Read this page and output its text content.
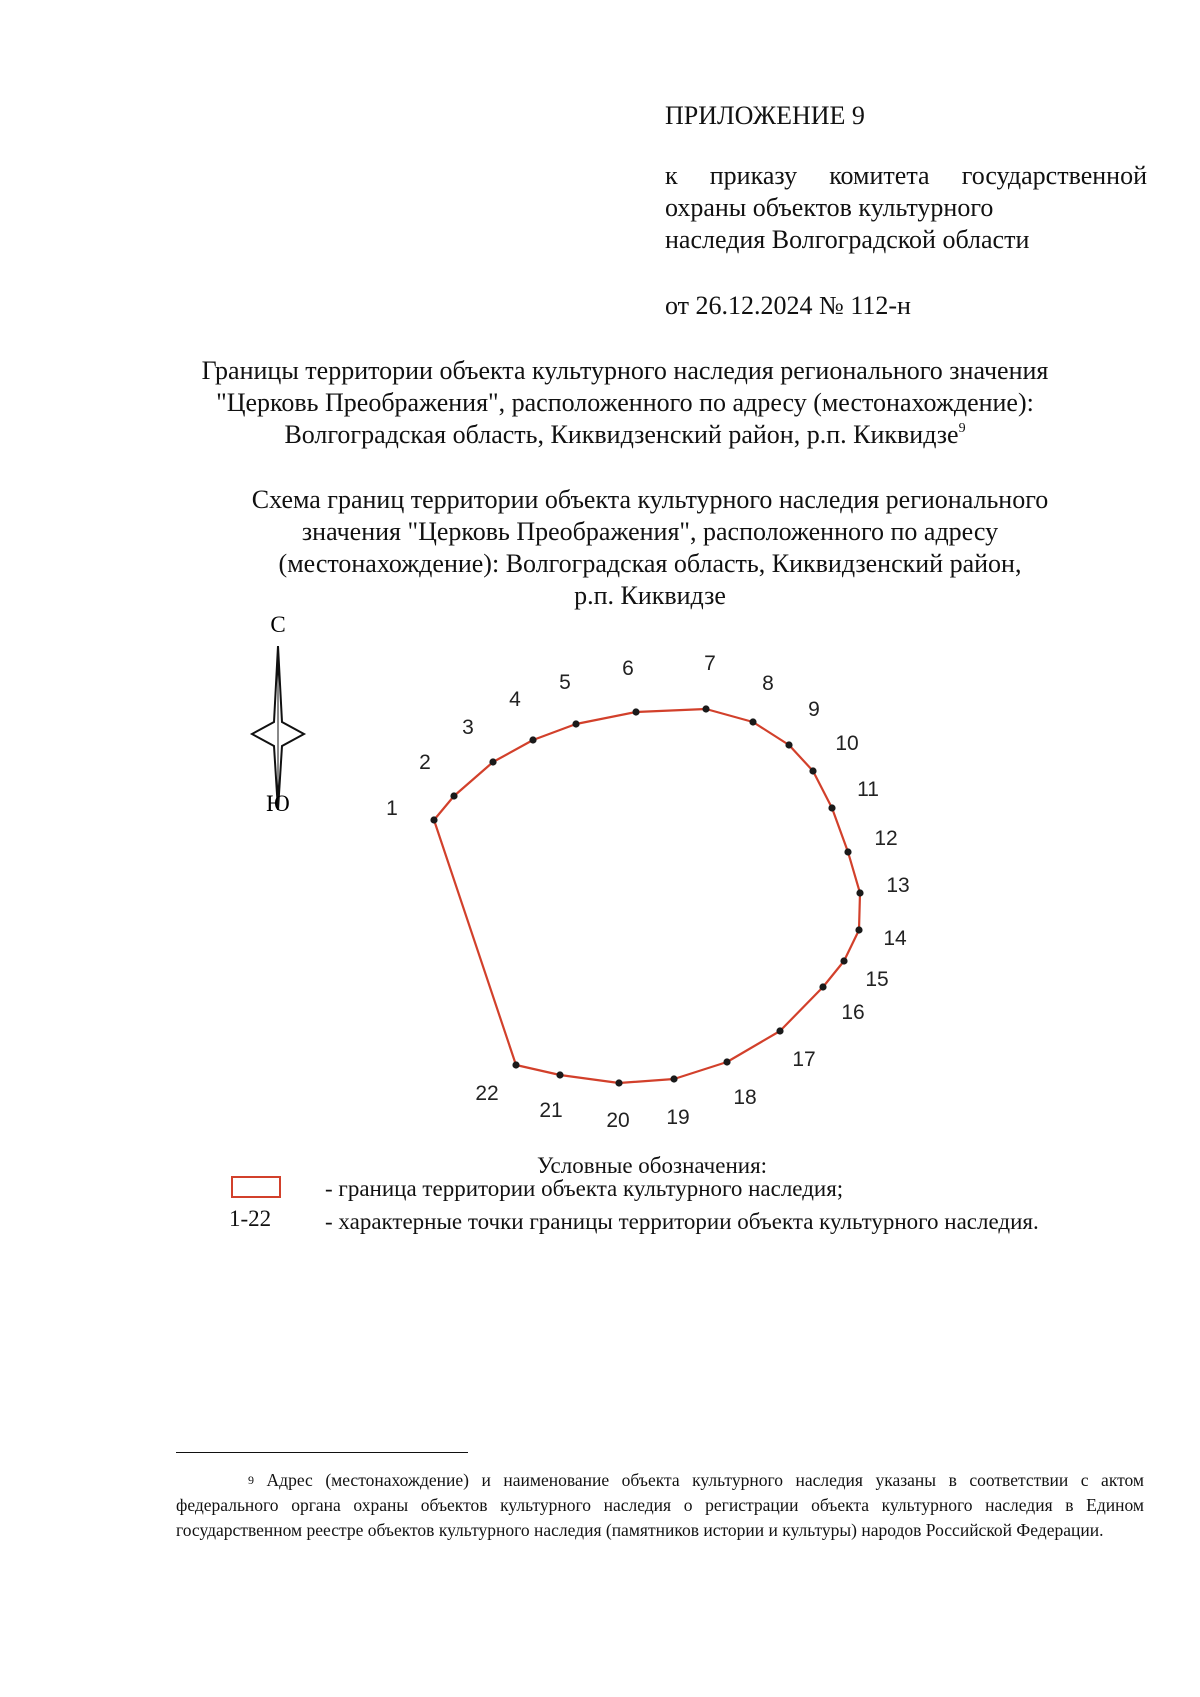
ПРИЛОЖЕНИЕ 9
к приказу комитета государственной
охраны объектов культурного
наследия Волгоградской области
от 26.12.2024 № 112-н
Границы территории объекта культурного наследия регионального значения
"Церковь Преображения", расположенного по адресу (местонахождение):
Волгоградская область, Киквидзенский район, р.п. Киквидзе$^9$
Схема границ территории объекта культурного наследия регионального
значения "Церковь Преображения", расположенного по адресу
(местонахождение): Волгоградская область, Киквидзенский район,
р.п. Киквидзе
С
Ю	1
2
3
4
5
6	7
8
9
10
11
12
13
14
15
16
17
18
19
20
21
22
Условные обозначения:
- граница территории объекта культурного наследия;
1-22 - характерные точки границы территории объекта культурного наследия.
$^9$ Адрес (местонахождение) и наименование объекта культурного наследия указаны в соответствии с актом федерального органа охраны объектов культурного наследия о регистрации объекта культурного наследия в Едином государственном реестре объектов культурного наследия (памятников истории и культуры) народов Российской Федерации.
